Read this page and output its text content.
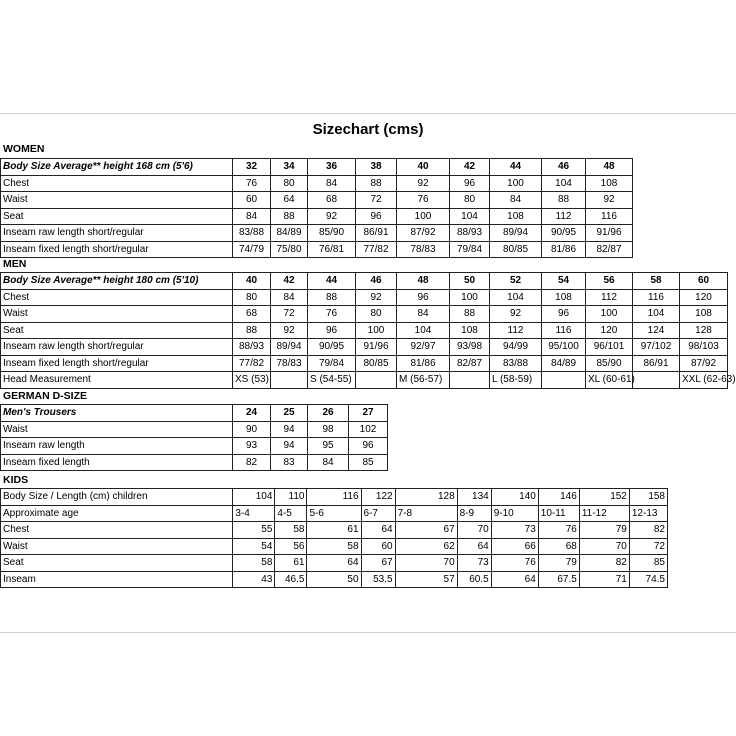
Sizechart (cms)
WOMEN
Body Size Average** height 168 cm (5'6)	32	34	36	38	40	42	44	46	48
Chest	76	80	84	88	92	96	100	104	108
Waist	60	64	68	72	76	80	84	88	92
Seat	84	88	92	96	100	104	108	112	116
Inseam raw length short/regular	83/88	84/89	85/90	86/91	87/92	88/93	89/94	90/95	91/96
Inseam fixed length short/regular	74/79	75/80	76/81	77/82	78/83	79/84	80/85	81/86	82/87
MEN
Body Size Average** height 180 cm (5'10)	40	42	44	46	48	50	52	54	56	58	60
Chest	80	84	88	92	96	100	104	108	112	116	120
Waist	68	72	76	80	84	88	92	96	100	104	108
Seat	88	92	96	100	104	108	112	116	120	124	128
Inseam raw length short/regular	88/93	89/94	90/95	91/96	92/97	93/98	94/99	95/100	96/101	97/102	98/103
Inseam fixed length short/regular	77/82	78/83	79/84	80/85	81/86	82/87	83/88	84/89	85/90	86/91	87/92
Head Measurement	XS (53)		S (54-55)		M (56-57)		L (58-59)		XL (60-61)		XXL (62-63)
GERMAN D-SIZE
Men's Trousers	24	25	26	27
Waist	90	94	98	102
Inseam raw length	93	94	95	96
Inseam fixed length	82	83	84	85
KIDS
Body Size / Length (cm) children	104	110	116	122	128	134	140	146	152	158
Approximate age	3-4	4-5	5-6	6-7	7-8	8-9	9-10	10-11	11-12	12-13
Chest	55	58	61	64	67	70	73	76	79	82
Waist	54	56	58	60	62	64	66	68	70	72
Seat	58	61	64	67	70	73	76	79	82	85
Inseam	43	46.5	50	53.5	57	60.5	64	67.5	71	74.5
